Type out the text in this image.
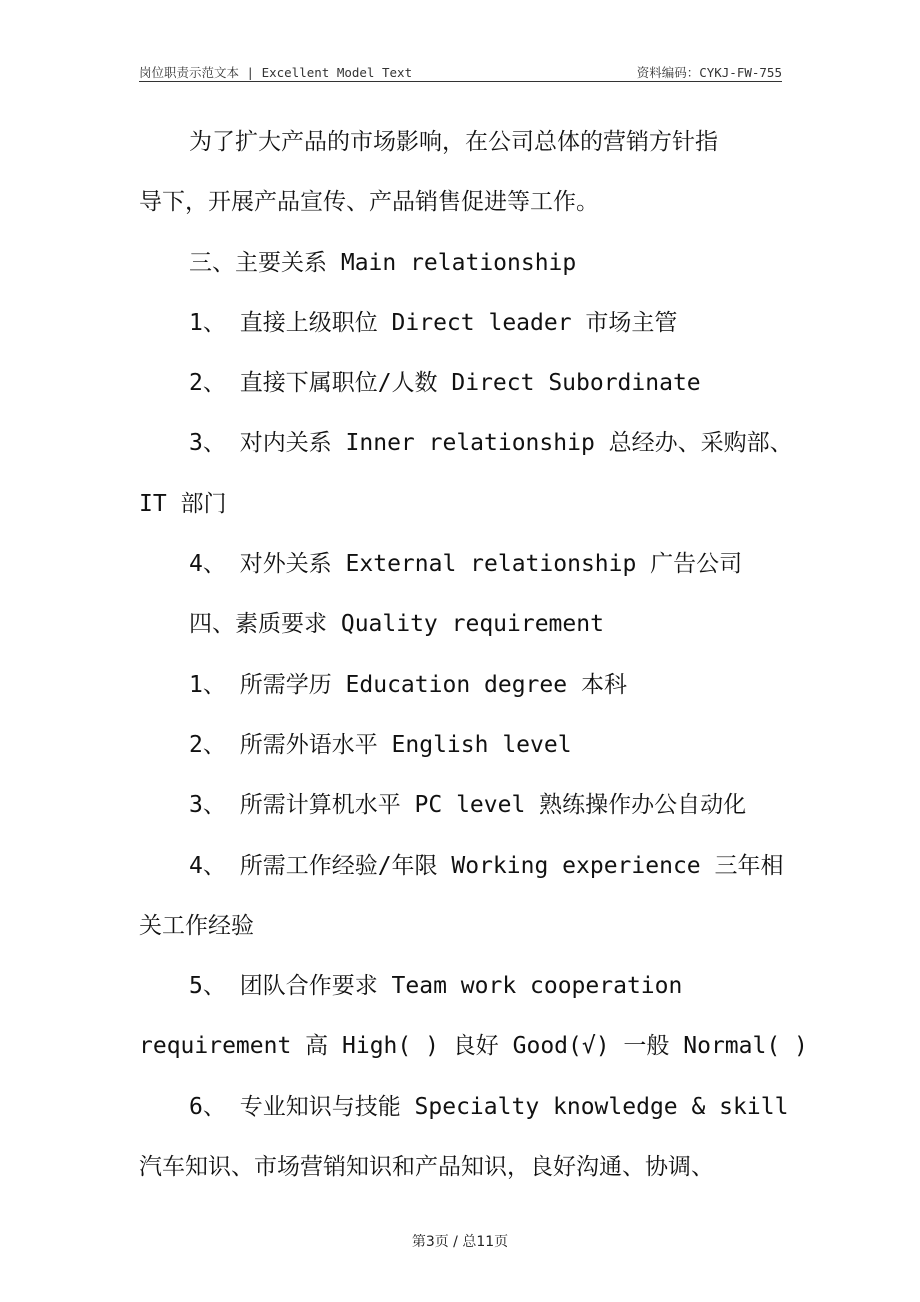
岗位职责示范文本 | Excellent Model Text	资料编码：CYKJ-FW-755

为了扩大产品的市场影响，在公司总体的营销方针指

导下，开展产品宣传、产品销售促进等工作。

三、主要关系 Main relationship

1、 直接上级职位 Direct leader 市场主管

2、 直接下属职位/人数 Direct Subordinate

3、 对内关系 Inner relationship 总经办、采购部、

IT 部门

4、 对外关系 External relationship 广告公司

四、素质要求 Quality requirement

1、 所需学历 Education degree 本科

2、 所需外语水平 English level

3、 所需计算机水平 PC level 熟练操作办公自动化

4、 所需工作经验/年限 Working experience 三年相

关工作经验

5、 团队合作要求 Team work cooperation

requirement 高 High( ) 良好 Good(√) 一般 Normal( )

6、 专业知识与技能 Specialty knowledge & skill

汽车知识、市场营销知识和产品知识，良好沟通、协调、

第3页 / 总11页
